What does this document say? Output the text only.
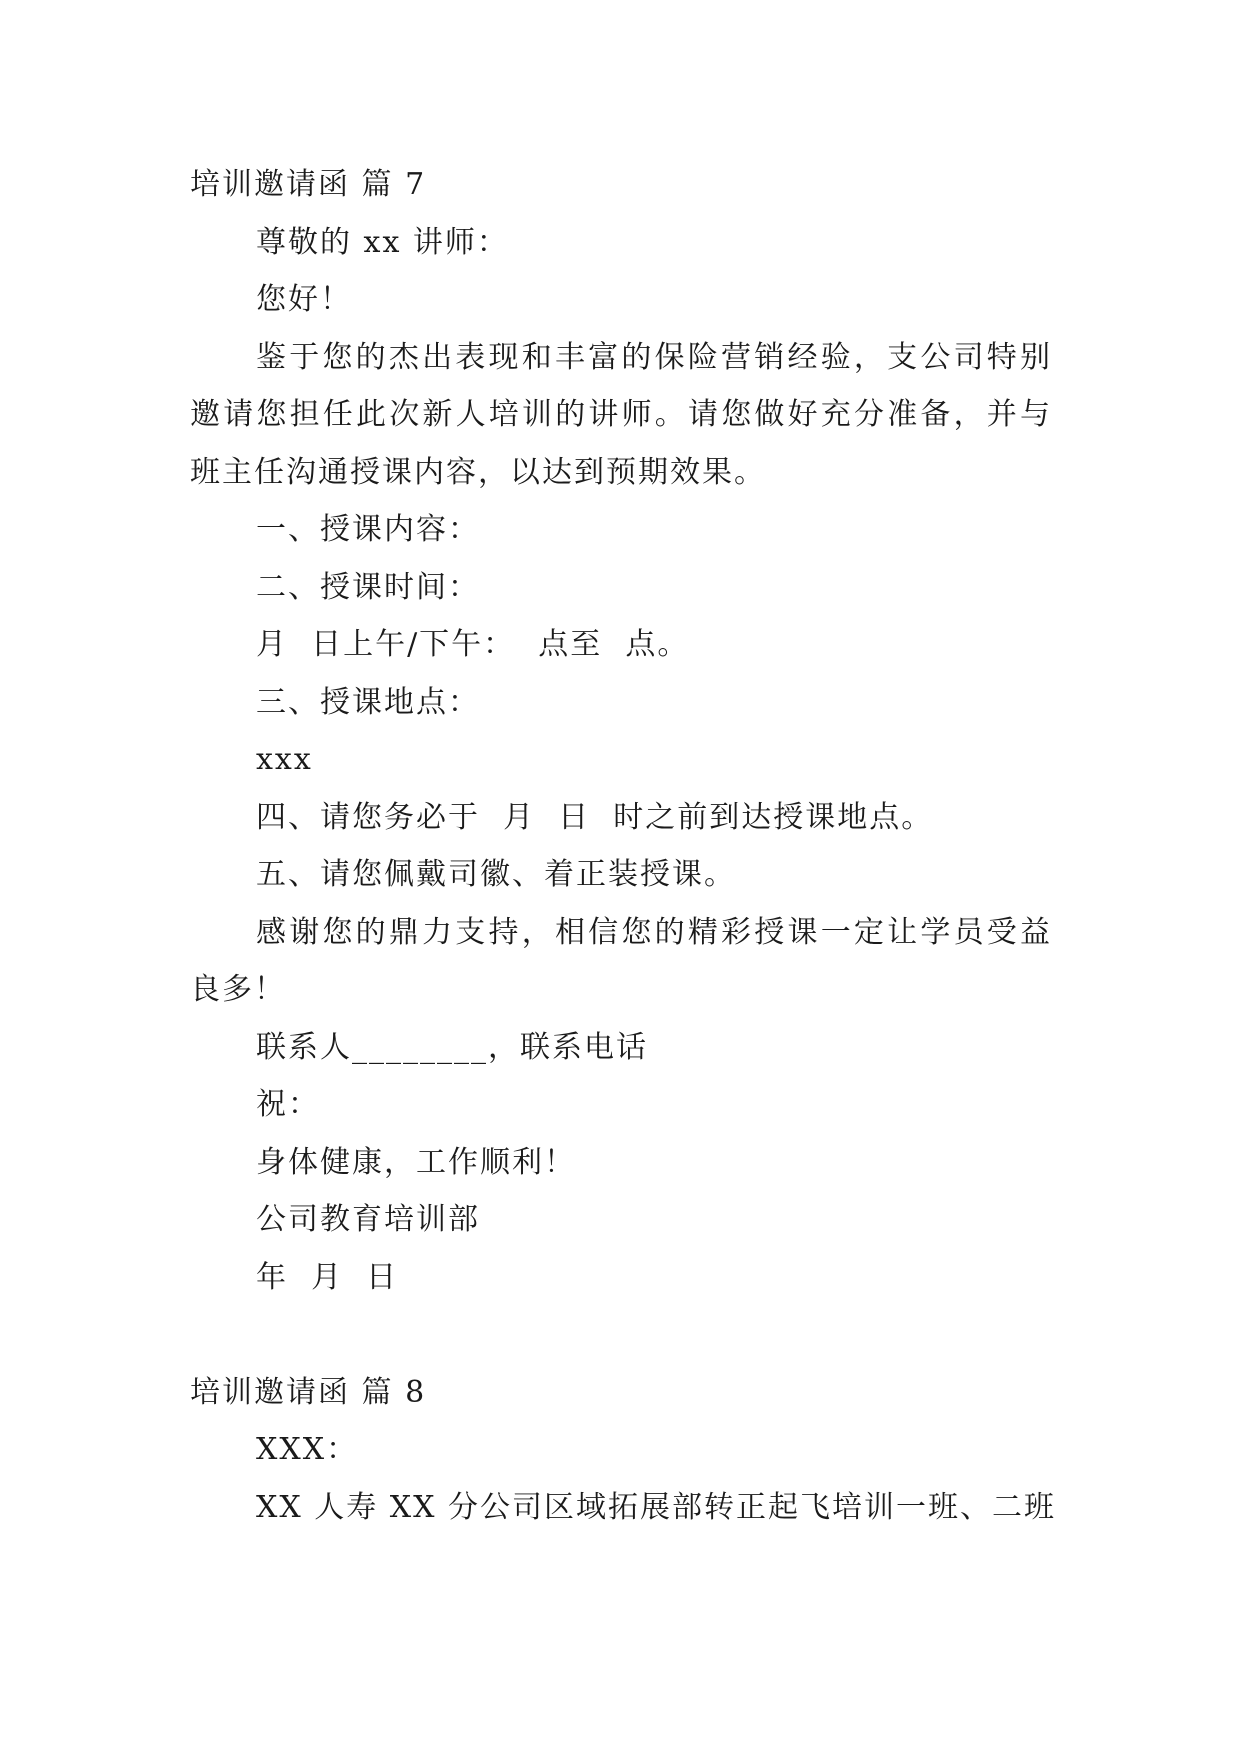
培训邀请函 篇 7
尊敬的 xx 讲师：
您好！
鉴于您的杰出表现和丰富的保险营销经验，支公司特别
邀请您担任此次新人培训的讲师。请您做好充分准备，并与
班主任沟通授课内容，以达到预期效果。
一、授课内容：
二、授课时间：
月  日上午/下午：  点至  点。
三、授课地点：
xxx
四、请您务必于  月  日  时之前到达授课地点。
五、请您佩戴司徽、着正装授课。
感谢您的鼎力支持，相信您的精彩授课一定让学员受益
良多！
联系人________，联系电话
祝：
身体健康，工作顺利！
公司教育培训部
年  月  日
培训邀请函 篇 8
XXX：
XX 人寿 XX 分公司区域拓展部转正起飞培训一班、二班
